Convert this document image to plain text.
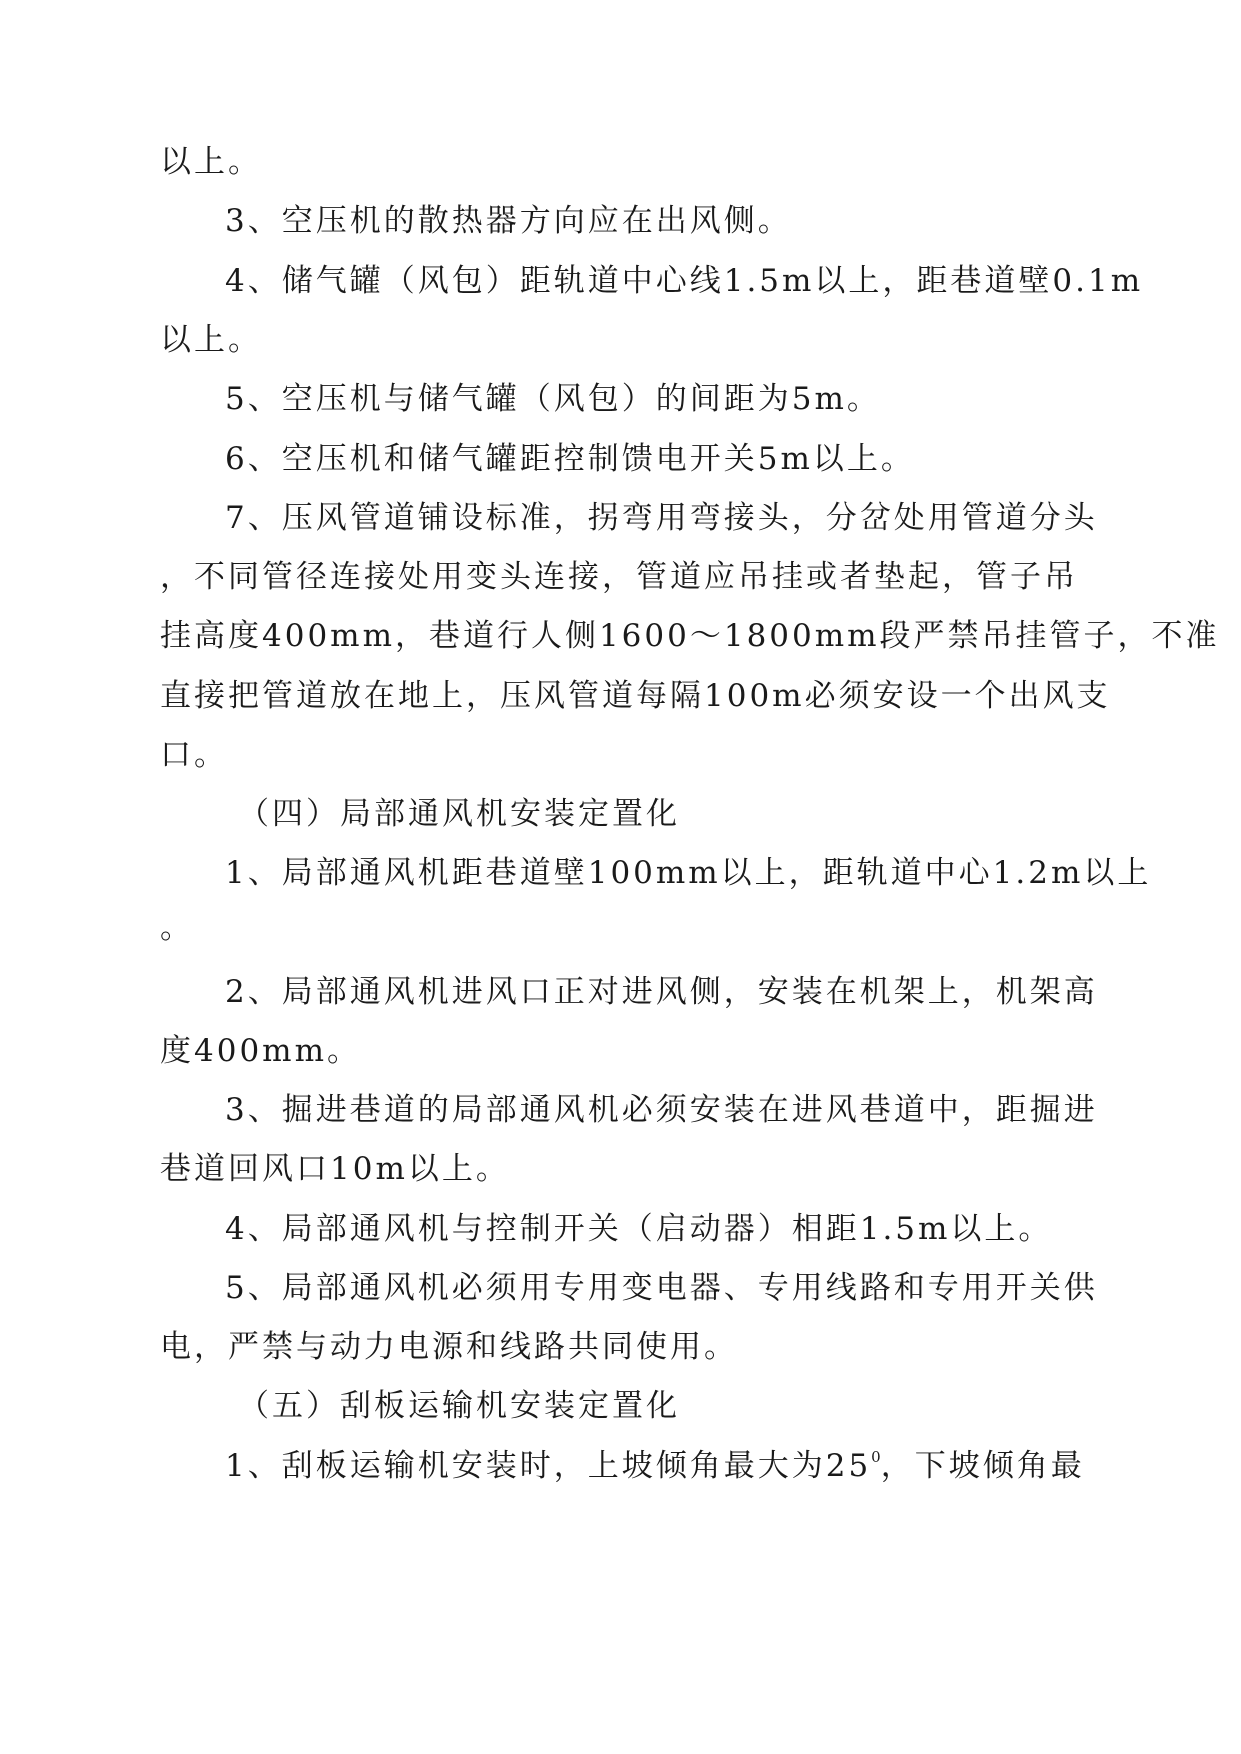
以上。

3、空压机的散热器方向应在出风侧。

4、储气罐（风包）距轨道中心线1.5m以上，距巷道壁0.1m

以上。

5、空压机与储气罐（风包）的间距为5m。

6、空压机和储气罐距控制馈电开关5m以上。

7、压风管道铺设标准，拐弯用弯接头，分岔处用管道分头

，不同管径连接处用变头连接，管道应吊挂或者垫起，管子吊

挂高度400mm，巷道行人侧1600～1800mm段严禁吊挂管子，不准

直接把管道放在地上，压风管道每隔100m必须安设一个出风支

口。

（四）局部通风机安装定置化

1、局部通风机距巷道壁100mm以上，距轨道中心1.2m以上

。

2、局部通风机进风口正对进风侧，安装在机架上，机架高

度400mm。

3、掘进巷道的局部通风机必须安装在进风巷道中，距掘进

巷道回风口10m以上。

4、局部通风机与控制开关（启动器）相距1.5m以上。

5、局部通风机必须用专用变电器、专用线路和专用开关供

电，严禁与动力电源和线路共同使用。

（五）刮板运输机安装定置化

1、刮板运输机安装时，上坡倾角最大为$25^0$，下坡倾角最
